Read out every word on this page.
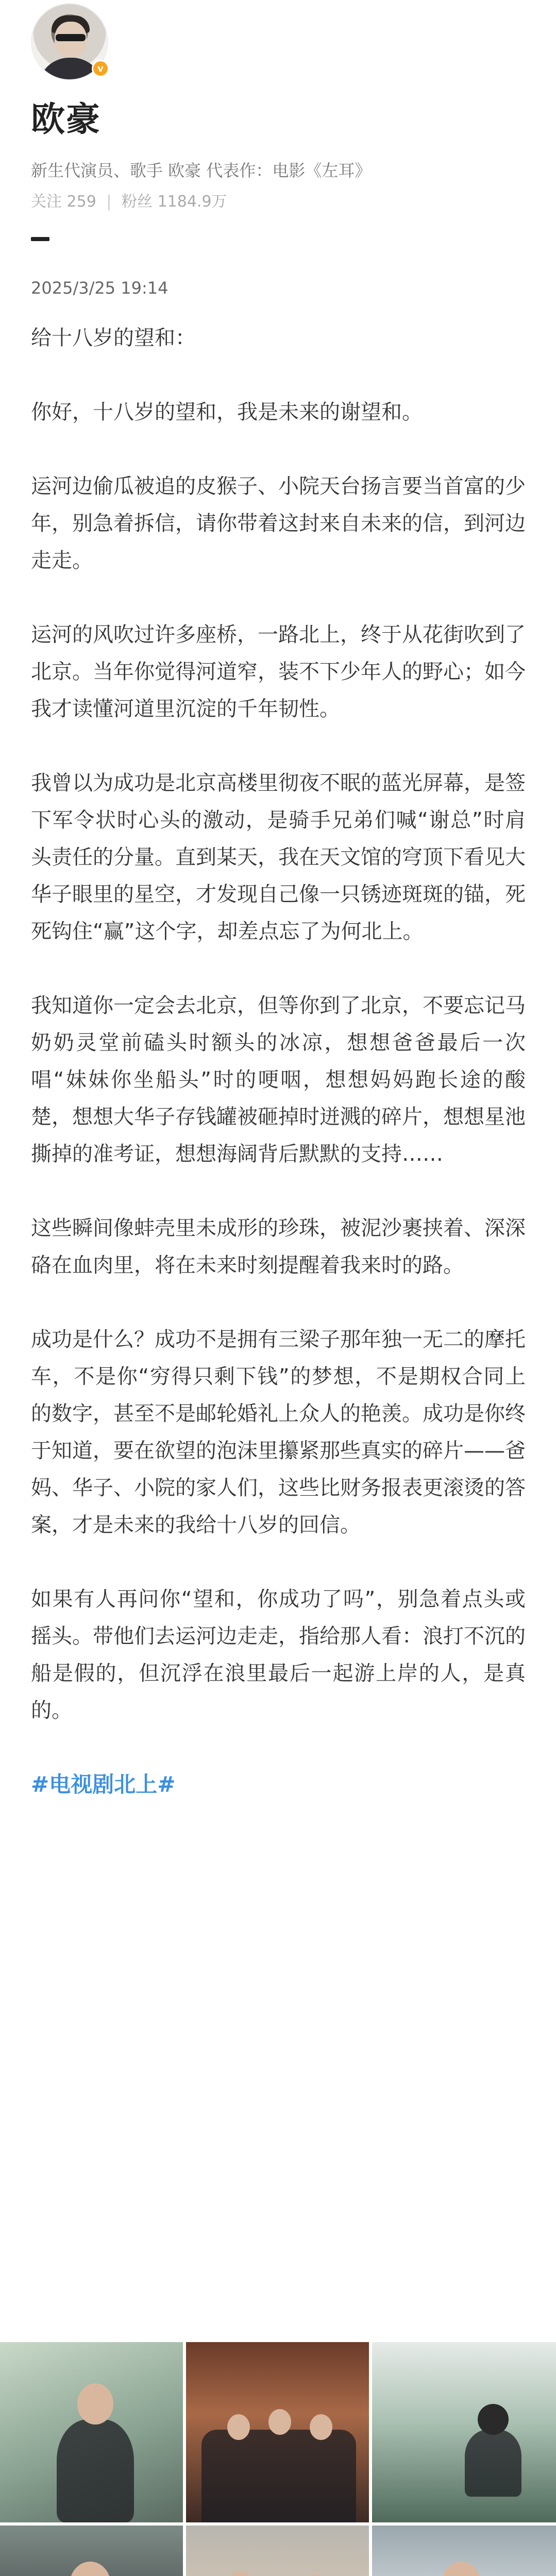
v
欧豪
新生代演员、歌手 欧豪 代表作：电影《左耳》
关注 259 | 粉丝 1184.9万
2025/3/25 19:14

给十八岁的望和：

你好，十八岁的望和，我是未来的谢望和。

运河边偷瓜被追的皮猴子、小院天台扬言要当首富的少年，别急着拆信，请你带着这封来自未来的信，到河边走走。

运河的风吹过许多座桥，一路北上，终于从花街吹到了北京。当年你觉得河道窄，装不下少年人的野心；如今我才读懂河道里沉淀的千年韧性。

我曾以为成功是北京高楼里彻夜不眠的蓝光屏幕，是签下军令状时心头的激动，是骑手兄弟们喊“谢总”时肩头责任的分量。直到某天，我在天文馆的穹顶下看见大华子眼里的星空，才发现自己像一只锈迹斑斑的锚，死死钩住“赢”这个字，却差点忘了为何北上。

我知道你一定会去北京，但等你到了北京，不要忘记马奶奶灵堂前磕头时额头的冰凉，想想爸爸最后一次唱“妹妹你坐船头”时的哽咽，想想妈妈跑长途的酸楚，想想大华子存钱罐被砸掉时迸溅的碎片，想想星池撕掉的准考证，想想海阔背后默默的支持……

这些瞬间像蚌壳里未成形的珍珠，被泥沙裹挟着、深深硌在血肉里，将在未来时刻提醒着我来时的路。

成功是什么？成功不是拥有三梁子那年独一无二的摩托车，不是你“穷得只剩下钱”的梦想，不是期权合同上的数字，甚至不是邮轮婚礼上众人的艳羡。成功是你终于知道，要在欲望的泡沫里攥紧那些真实的碎片——爸妈、华子、小院的家人们，这些比财务报表更滚烫的答案，才是未来的我给十八岁的回信。

如果有人再问你“望和，你成功了吗”，别急着点头或摇头。带他们去运河边走走，指给那人看：浪打不沉的船是假的，但沉浮在浪里最后一起游上岸的人，是真的。

#电视剧北上#
